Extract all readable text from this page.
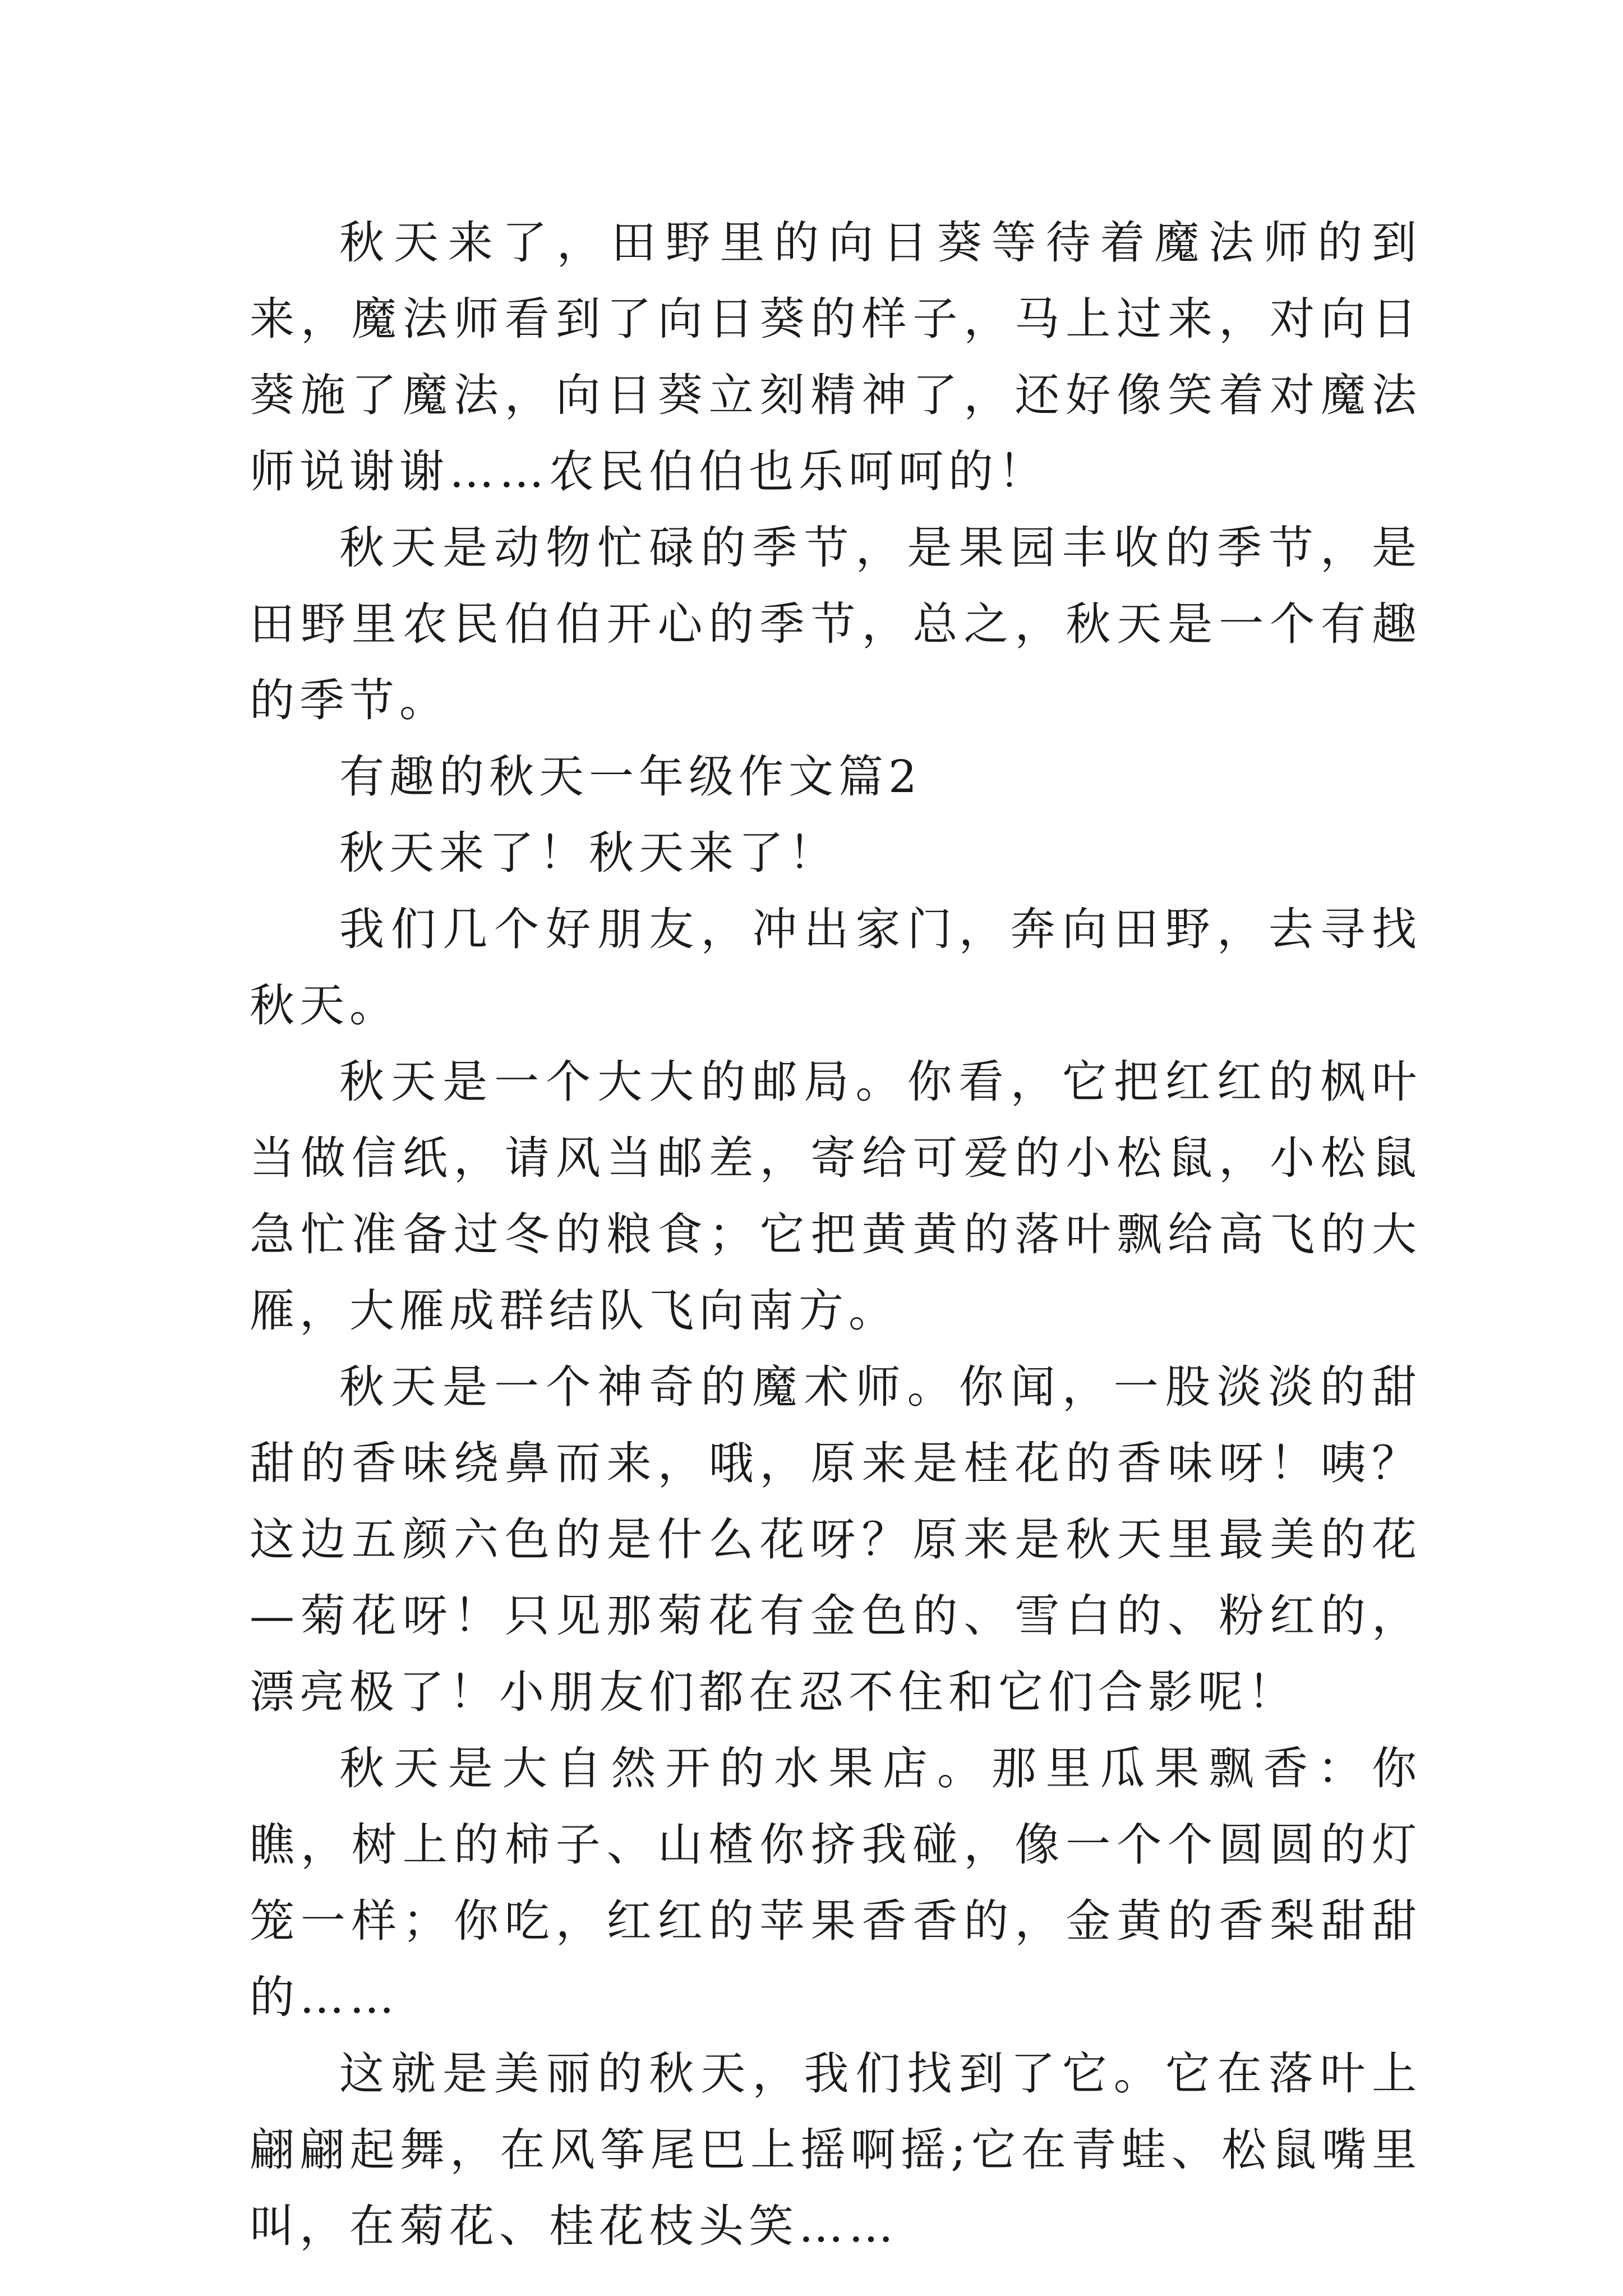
秋天来了，田野里的向日葵等待着魔法师的到来，魔法师看到了向日葵的样子，马上过来，对向日葵施了魔法，向日葵立刻精神了，还好像笑着对魔法师说谢谢……农民伯伯也乐呵呵的！

秋天是动物忙碌的季节，是果园丰收的季节，是田野里农民伯伯开心的季节，总之，秋天是一个有趣的季节。

有趣的秋天一年级作文篇2

秋天来了！秋天来了！

我们几个好朋友，冲出家门，奔向田野，去寻找秋天。

秋天是一个大大的邮局。你看，它把红红的枫叶当做信纸，请风当邮差，寄给可爱的小松鼠，小松鼠急忙准备过冬的粮食；它把黄黄的落叶飘给高飞的大雁，大雁成群结队飞向南方。

秋天是一个神奇的魔术师。你闻，一股淡淡的甜甜的香味绕鼻而来，哦，原来是桂花的香味呀！咦？这边五颜六色的是什么花呀？原来是秋天里最美的花—菊花呀！只见那菊花有金色的、雪白的、粉红的，漂亮极了！小朋友们都在忍不住和它们合影呢！

秋天是大自然开的水果店。那里瓜果飘香：你瞧，树上的柿子、山楂你挤我碰，像一个个圆圆的灯笼一样；你吃，红红的苹果香香的，金黄的香梨甜甜的……

这就是美丽的秋天，我们找到了它。它在落叶上翩翩起舞，在风筝尾巴上摇啊摇;它在青蛙、松鼠嘴里叫，在菊花、桂花枝头笑……
